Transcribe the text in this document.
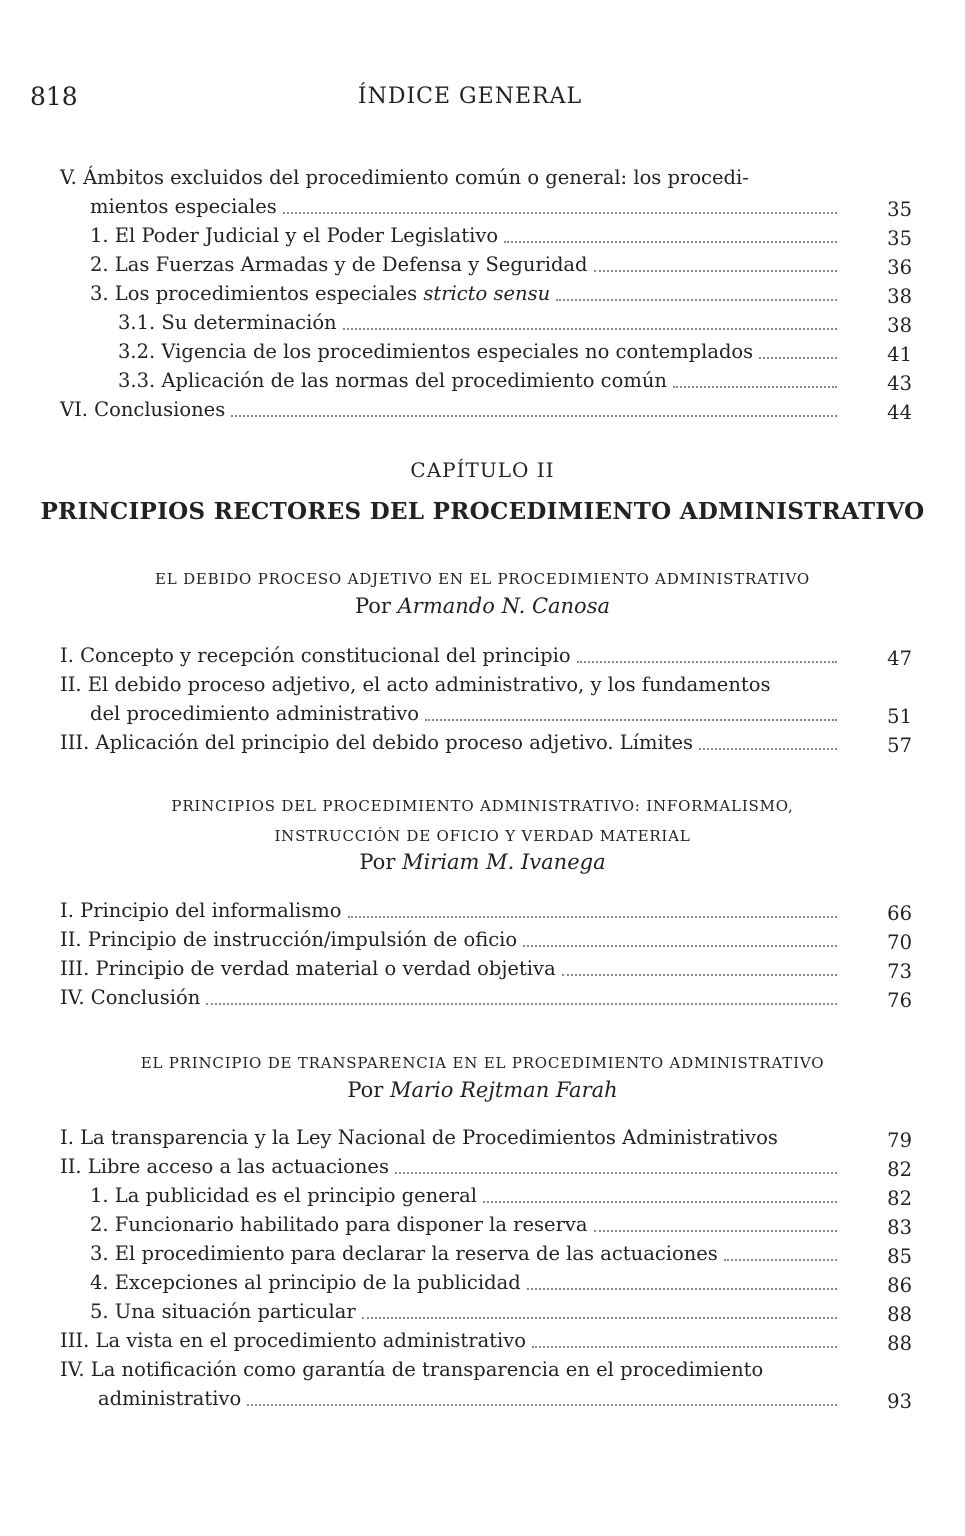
818	ÍNDICE GENERAL
V. Ámbitos excluidos del procedimiento común o general: los procedi-
mientos especiales	35
1. El Poder Judicial y el Poder Legislativo	35
2. Las Fuerzas Armadas y de Defensa y Seguridad	36
3. Los procedimientos especiales stricto sensu	38
3.1. Su determinación	38
3.2. Vigencia de los procedimientos especiales no contemplados	41
3.3. Aplicación de las normas del procedimiento común	43
VI. Conclusiones	44
CAPÍTULO II
PRINCIPIOS RECTORES DEL PROCEDIMIENTO ADMINISTRATIVO
EL DEBIDO PROCESO ADJETIVO EN EL PROCEDIMIENTO ADMINISTRATIVO
Por Armando N. Canosa
I. Concepto y recepción constitucional del principio	47
II. El debido proceso adjetivo, el acto administrativo, y los fundamentos
del procedimiento administrativo	51
III. Aplicación del principio del debido proceso adjetivo. Límites	57
PRINCIPIOS DEL PROCEDIMIENTO ADMINISTRATIVO: INFORMALISMO,
INSTRUCCIÓN DE OFICIO Y VERDAD MATERIAL
Por Miriam M. Ivanega
I. Principio del informalismo	66
II. Principio de instrucción/impulsión de oficio	70
III. Principio de verdad material o verdad objetiva	73
IV. Conclusión	76
EL PRINCIPIO DE TRANSPARENCIA EN EL PROCEDIMIENTO ADMINISTRATIVO
Por Mario Rejtman Farah
I. La transparencia y la Ley Nacional de Procedimientos Administrativos	79
II. Libre acceso a las actuaciones	82
1. La publicidad es el principio general	82
2. Funcionario habilitado para disponer la reserva	83
3. El procedimiento para declarar la reserva de las actuaciones	85
4. Excepciones al principio de la publicidad	86
5. Una situación particular	88
III. La vista en el procedimiento administrativo	88
IV. La notificación como garantía de transparencia en el procedimiento
administrativo	93
